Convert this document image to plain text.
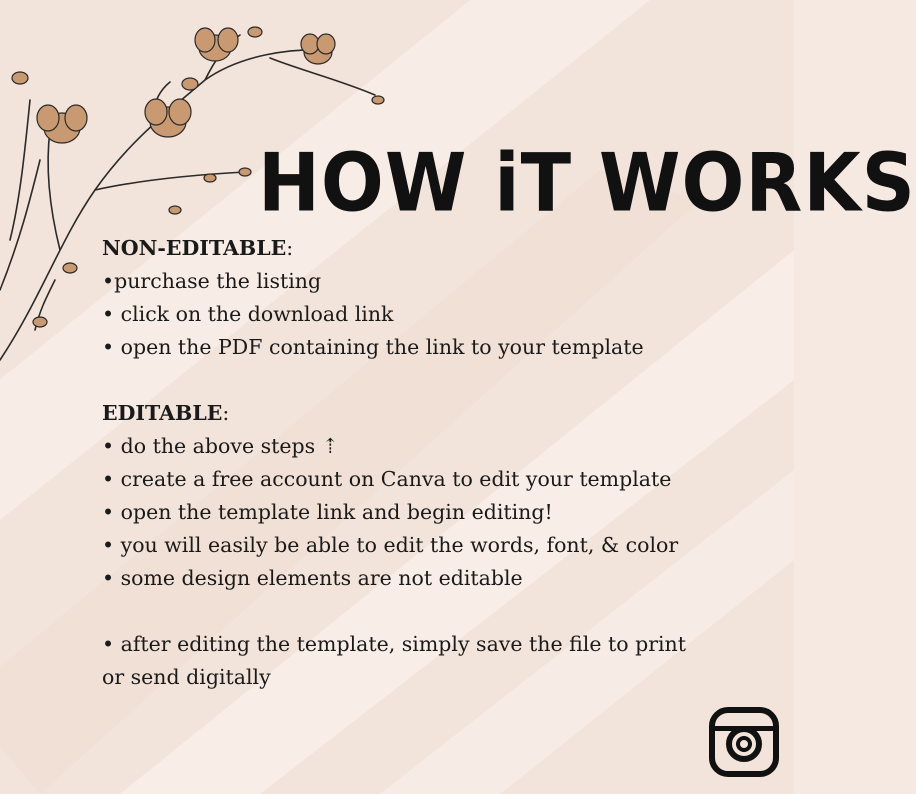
HOW iT WORKS
NON-EDITABLE:
•purchase the listing
• click on the download link
• open the PDF containing the link to your template
EDITABLE:
• do the above steps ⇡
• create a free account on Canva to edit your template
• open the template link and begin editing!
• you will easily be able to edit the words, font, & color
• some design elements are not editable
• after editing the template, simply save the file to print
or send digitally
